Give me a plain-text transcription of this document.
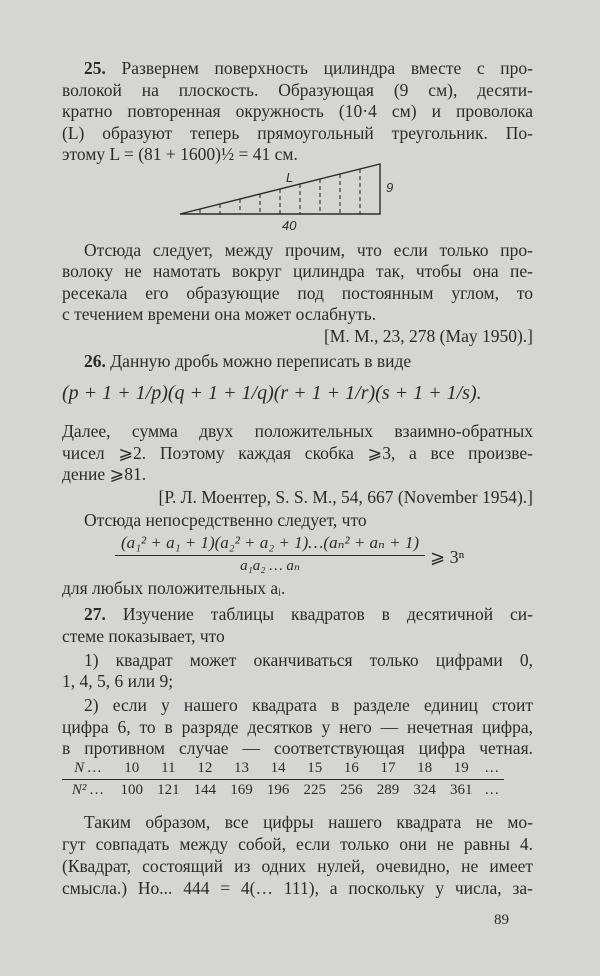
25. Развернем поверхность цилиндра вместе с про-
волокой на плоскость. Образующая (9 см), десяти-
кратно повторенная окружность (10·4 см) и проволока
(L) образуют теперь прямоугольный треугольник. По-
этому L = (81 + 1600)½ = 41 см.
L
9
40
Отсюда следует, между прочим, что если только про-
волоку не намотать вокруг цилиндра так, чтобы она пе-
ресекала его образующие под постоянным углом, то
с течением времени она может ослабнуть.
[M. M., 23, 278 (May 1950).]
26. Данную дробь можно переписать в виде
(p + 1 + 1/p)(q + 1 + 1/q)(r + 1 + 1/r)(s + 1 + 1/s).
Далее, сумма двух положительных взаимно-обратных
чисел ⩾2. Поэтому каждая скобка ⩾3, а все произве-
дение ⩾81.
[Р. Л. Моентер, S. S. M., 54, 667 (November 1954).]
Отсюда непосредственно следует, что
$\frac{\text{(a₁² + a₁ + 1)(a₂² + a₂ + 1)…(aₙ² + aₙ + 1)}}{\text{a₁a₂ … aₙ}}$ ⩾ 3ⁿ
для любых положительных aᵢ.
27. Изучение таблицы квадратов в десятичной си-
стеме показывает, что
1) квадрат может оканчиваться только цифрами 0,
1, 4, 5, 6 или 9;
2) если у нашего квадрата в разделе единиц стоит
цифра 6, то в разряде десятков у него — нечетная цифра,
в противном случае — соответствующая цифра четная.
N …	10	11	12	13	14	15	16	17	18	19	…
N² …	100	121	144	169	196	225	256	289	324	361	…
Таким образом, все цифры нашего квадрата не мо-
гут совпадать между собой, если только они не равны 4.
(Квадрат, состоящий из одних нулей, очевидно, не имеет
смысла.) Но... 444 = 4(… 111), а поскольку у числа, за-
89
